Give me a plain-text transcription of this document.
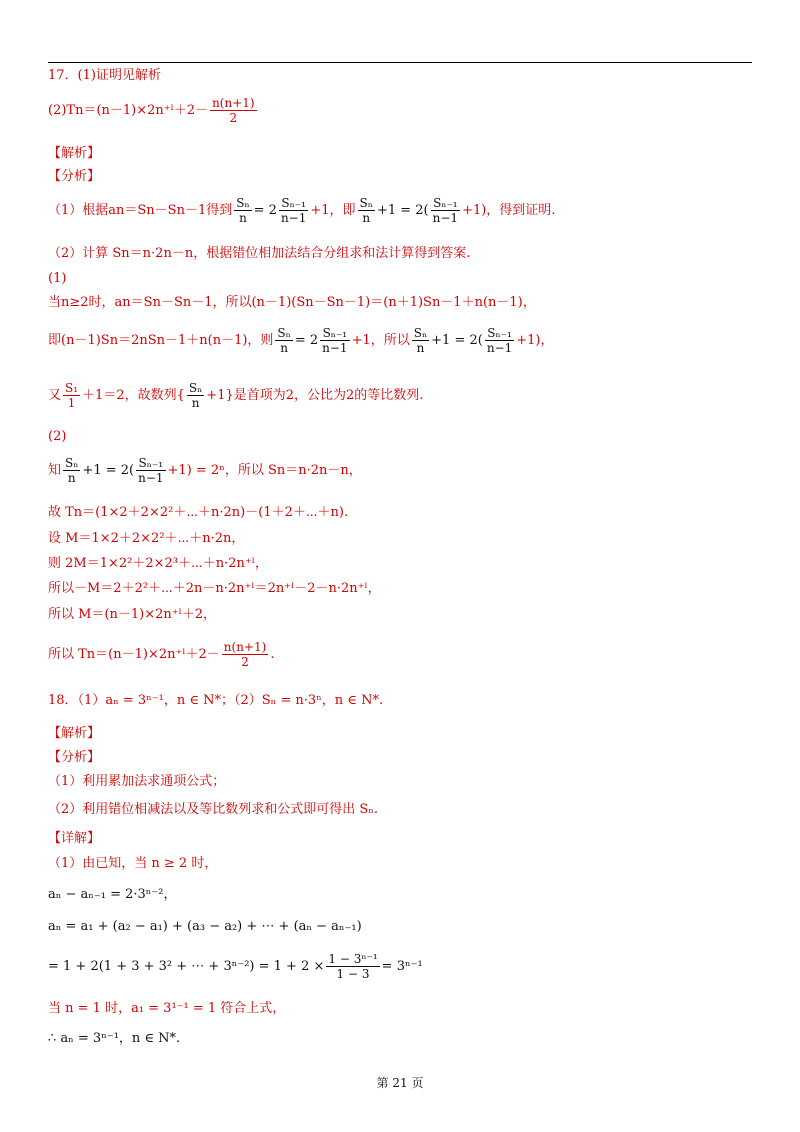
17．(1)证明见解析
(2)Tn＝(n－1)×2n⁺ˡ＋2－ $\frac{n(n+1)}{2}$
【解析】
【分析】
（1）根据an＝Sn－Sn－1得到 $\frac{\text{Sₙ}}{n} = 2 \frac{\text{Sₙ₋₁}}{n-1} +1$，即 $\frac{\text{Sₙ}}{n} +1 = 2( \frac{\text{Sₙ₋₁}}{n-1} +1)$，得到证明.
（2）计算 Sn＝n·2n－n，根据错位相加法结合分组求和法计算得到答案.
(1)
当n≥2时，an＝Sn－Sn－1，所以(n－1)(Sn－Sn－1)＝(n＋1)Sn－1＋n(n－1)，
即(n－1)Sn＝2nSn－1＋n(n－1)，则 $\frac{\text{Sₙ}}{n} = 2 \frac{\text{Sₙ₋₁}}{n-1} +1$，所以 $\frac{\text{Sₙ}}{n} +1 = 2( \frac{\text{Sₙ₋₁}}{n-1} +1)$，
又 $\frac{\text{S₁}}{1} +1=2$，故数列{ $\frac{\text{Sₙ}}{n} +1$}是首项为2，公比为2的等比数列.
(2)
知 $\frac{\text{Sₙ}}{n} +1 = 2( \frac{\text{Sₙ₋₁}}{n-1} +1) = 2^n$，所以 Sn＝n·2n－n，
故 Tn＝(1×2＋2×2²＋⋯＋n·2n)－(1＋2＋⋯＋n).
设 M＝1×2＋2×2²＋⋯＋n·2n，
则 2M＝1×2²＋2×2³＋⋯＋n·2n⁺ˡ，
所以－M＝2＋2²＋⋯＋2n－n·2n⁺ˡ＝2n⁺ˡ－2－n·2n⁺ˡ，
所以 M＝(n－1)×2n⁺ˡ＋2，
所以 Tn＝(n－1)×2n⁺ˡ＋2－ $\frac{n(n+1)}{2}$ .
18．（1）aₙ = 3ⁿ⁻¹，n ∈ N*；（2）Sₙ = n·3ⁿ，n ∈ N*.
【解析】
【分析】
（1）利用累加法求通项公式；
（2）利用错位相减法以及等比数列求和公式即可得出 Sₙ.
【详解】
（1）由已知，当 n ≥ 2 时，
aₙ − aₙ₋₁ = 2·3ⁿ⁻²，
aₙ = a₁ + (a₂ − a₁) + (a₃ − a₂) + ⋯ + (aₙ − aₙ₋₁)
= 1 + 2(1 + 3 + 3² + ⋯ + $3^{n-2}) = 1 + 2 \times \frac{\text{1 − 3ⁿ⁻¹}}{1 - 3} = 3^{n-1}$
当 n = 1 时，a₁ = 3¹⁻¹ = 1 符合上式，
∴ aₙ = 3ⁿ⁻¹，n ∈ N*.
第 21 页
